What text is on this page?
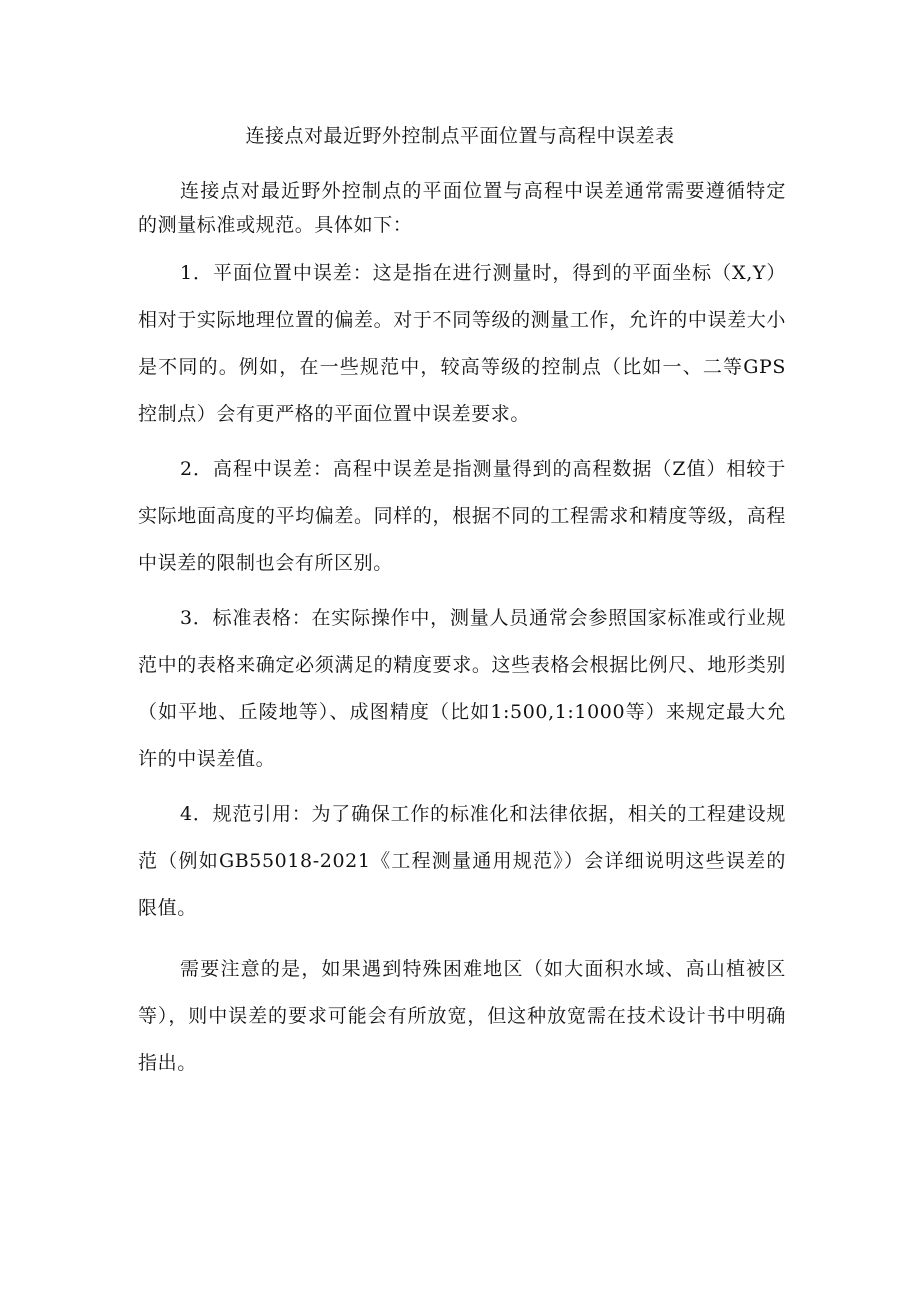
连接点对最近野外控制点平面位置与高程中误差表

连接点对最近野外控制点的平面位置与高程中误差通常需要遵循特定的测量标准或规范。具体如下：

1．平面位置中误差：这是指在进行测量时，得到的平面坐标（X,Y）相对于实际地理位置的偏差。对于不同等级的测量工作，允许的中误差大小是不同的。例如，在一些规范中，较高等级的控制点（比如一、二等GPS控制点）会有更严格的平面位置中误差要求。

2．高程中误差：高程中误差是指测量得到的高程数据（Z值）相较于实际地面高度的平均偏差。同样的，根据不同的工程需求和精度等级，高程中误差的限制也会有所区别。

3．标准表格：在实际操作中，测量人员通常会参照国家标准或行业规范中的表格来确定必须满足的精度要求。这些表格会根据比例尺、地形类别（如平地、丘陵地等）、成图精度（比如1:500,1:1000等）来规定最大允许的中误差值。

4．规范引用：为了确保工作的标准化和法律依据，相关的工程建设规范（例如GB55018-2021《工程测量通用规范》）会详细说明这些误差的限值。

需要注意的是，如果遇到特殊困难地区（如大面积水域、高山植被区等），则中误差的要求可能会有所放宽，但这种放宽需在技术设计书中明确指出。
